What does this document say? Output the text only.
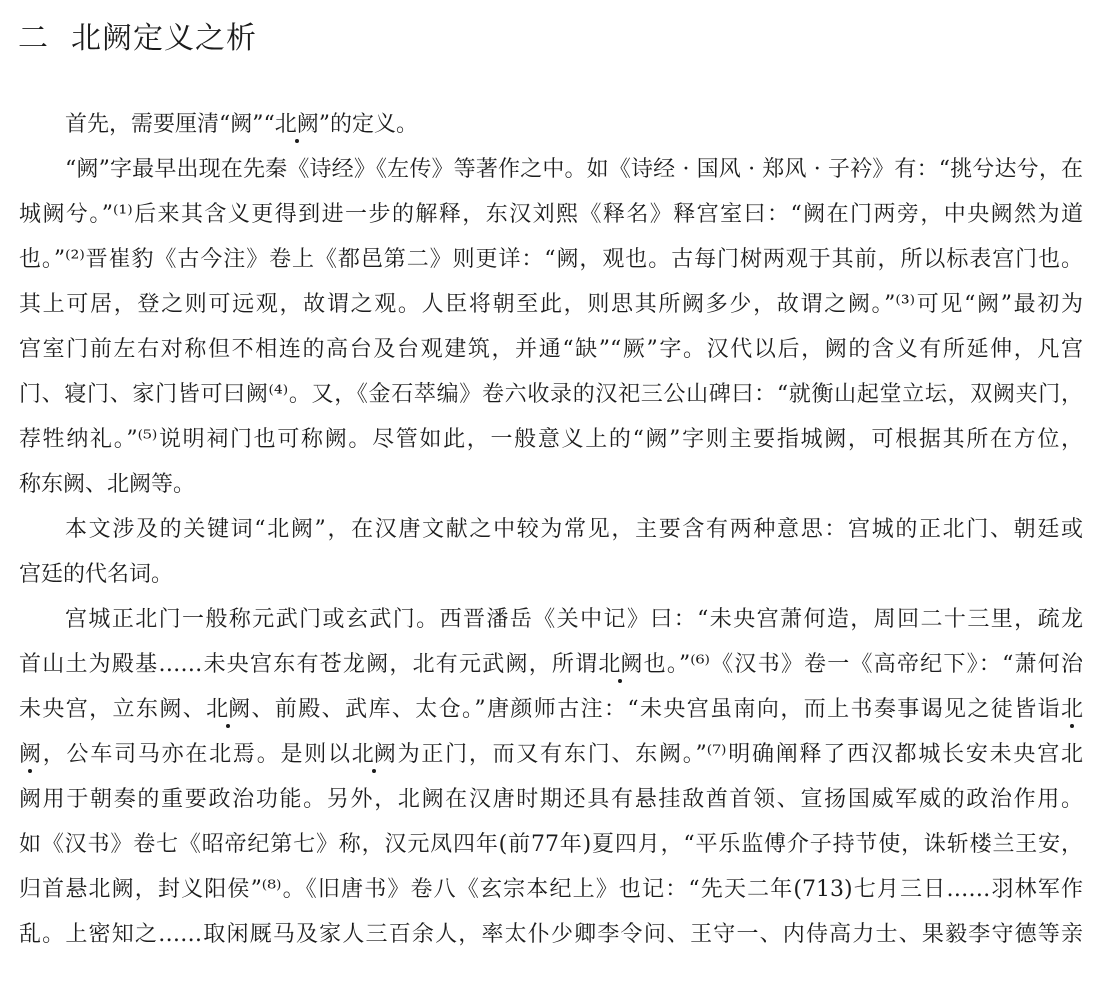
二 北阙定义之析
首先，需要厘清“阙”“北阙”的定义。
“阙”字最早出现在先秦《诗经》《左传》等著作之中。如《诗经 · 国风 · 郑风 · 子衿》有：“挑兮达兮，在
城阙兮。”⁽¹⁾后来其含义更得到进一步的解释，东汉刘熙《释名》释宫室曰：“阙在门两旁，中央阙然为道
也。”⁽²⁾晋崔豹《古今注》卷上《都邑第二》则更详：“阙，观也。古每门树两观于其前，所以标表宫门也。
其上可居，登之则可远观，故谓之观。人臣将朝至此，则思其所阙多少，故谓之阙。”⁽³⁾可见“阙”最初为
宫室门前左右对称但不相连的高台及台观建筑，并通“缺”“厥”字。汉代以后，阙的含义有所延伸，凡宫
门、寝门、家门皆可曰阙⁽⁴⁾。又，《金石萃编》卷六收录的汉祀三公山碑曰：“就衡山起堂立坛，双阙夹门，
荐牲纳礼。”⁽⁵⁾说明祠门也可称阙。尽管如此，一般意义上的“阙”字则主要指城阙，可根据其所在方位，
称东阙、北阙等。
本文涉及的关键词“北阙”，在汉唐文献之中较为常见，主要含有两种意思：宫城的正北门、朝廷或
宫廷的代名词。
宫城正北门一般称元武门或玄武门。西晋潘岳《关中记》曰：“未央宫萧何造，周回二十三里，疏龙
首山土为殿基……未央宫东有苍龙阙，北有元武阙，所谓北阙也。”⁽⁶⁾《汉书》卷一《高帝纪下》：“萧何治
未央宫，立东阙、北阙、前殿、武库、太仓。”唐颜师古注：“未央宫虽南向，而上书奏事谒见之徒皆诣北
阙，公车司马亦在北焉。是则以北阙为正门，而又有东门、东阙。”⁽⁷⁾明确阐释了西汉都城长安未央宫北
阙用于朝奏的重要政治功能。另外，北阙在汉唐时期还具有悬挂敌酋首领、宣扬国威军威的政治作用。
如《汉书》卷七《昭帝纪第七》称，汉元凤四年(前77年)夏四月，“平乐监傅介子持节使，诛斩楼兰王安，
归首悬北阙，封义阳侯”⁽⁸⁾。《旧唐书》卷八《玄宗本纪上》也记：“先天二年(713)七月三日……羽林军作
乱。上密知之……取闲厩马及家人三百余人，率太仆少卿李令问、王守一、内侍高力士、果毅李守德等亲
